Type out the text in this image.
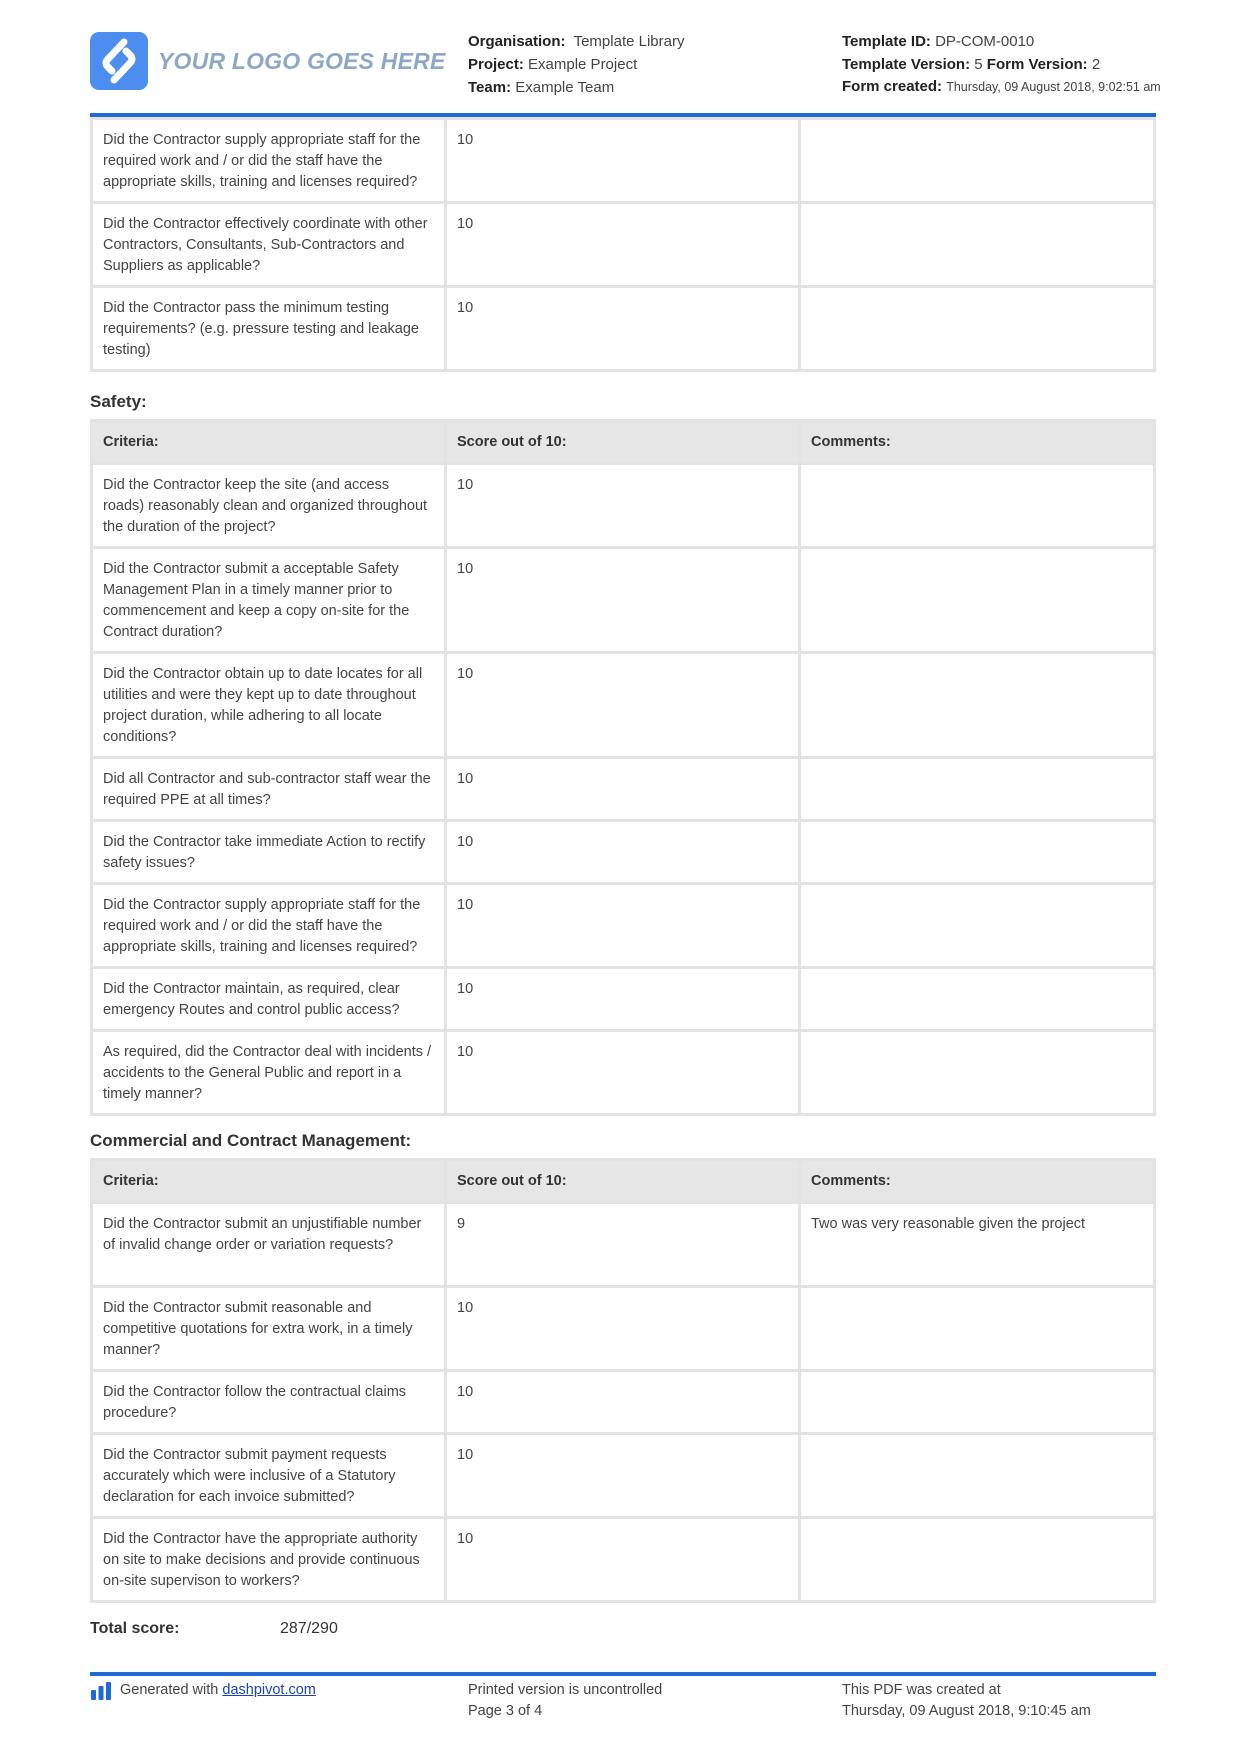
YOUR LOGO GOES HERE
Organisation: Template Library
Project: Example Project
Team: Example Team
Template ID: DP-COM-0010
Template Version: 5 Form Version: 2
Form created: Thursday, 09 August 2018, 9:02:51 am
Did the Contractor supply appropriate staff for the required work and / or did the staff have the appropriate skills, training and licenses required?	10	
Did the Contractor effectively coordinate with other Contractors, Consultants, Sub-Contractors and Suppliers as applicable?	10	
Did the Contractor pass the minimum testing requirements? (e.g. pressure testing and leakage testing)	10	
Safety:
Criteria:	Score out of 10:	Comments:
Did the Contractor keep the site (and access roads) reasonably clean and organized throughout the duration of the project?	10	
Did the Contractor submit a acceptable Safety Management Plan in a timely manner prior to commencement and keep a copy on-site for the Contract duration?	10	
Did the Contractor obtain up to date locates for all utilities and were they kept up to date throughout project duration, while adhering to all locate conditions?	10	
Did all Contractor and sub-contractor staff wear the required PPE at all times?	10	
Did the Contractor take immediate Action to rectify safety issues?	10	
Did the Contractor supply appropriate staff for the required work and / or did the staff have the appropriate skills, training and licenses required?	10	
Did the Contractor maintain, as required, clear emergency Routes and control public access?	10	
As required, did the Contractor deal with incidents / accidents to the General Public and report in a timely manner?	10	
Commercial and Contract Management:
Criteria:	Score out of 10:	Comments:
Did the Contractor submit an unjustifiable number of invalid change order or variation requests?	9	Two was very reasonable given the project
Did the Contractor submit reasonable and competitive quotations for extra work, in a timely manner?	10	
Did the Contractor follow the contractual claims procedure?	10	
Did the Contractor submit payment requests accurately which were inclusive of a Statutory declaration for each invoice submitted?	10	
Did the Contractor have the appropriate authority on site to make decisions and provide continuous on-site supervison to workers?	10	
Total score:	287/290
Generated with
dashpivot.com	Printed version is uncontrolled
Page 3 of 4
This PDF was created at
Thursday, 09 August 2018, 9:10:45 am
